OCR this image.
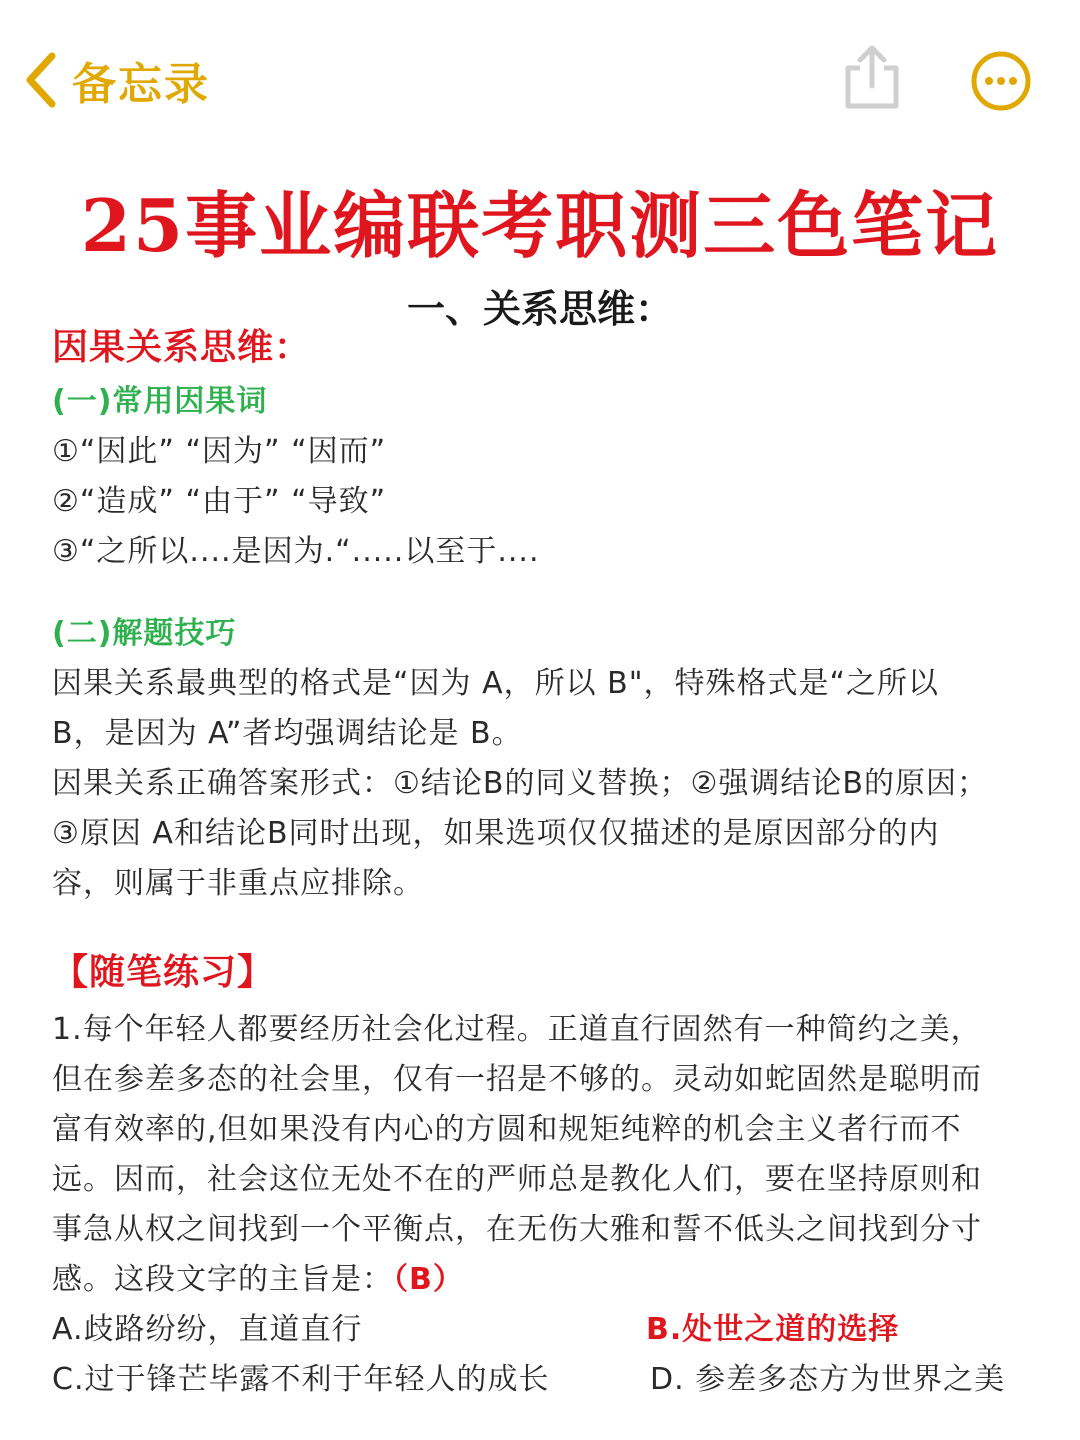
备忘录
25事业编联考职测三色笔记
一、关系思维：
因果关系思维：
(一)常用因果词
①“因此” “因为” “因而”
②“造成” “由于” “导致”
③“之所以....是因为.“.....以至于....
(二)解题技巧
因果关系最典型的格式是“因为 A，所以 B"，特殊格式是“之所以
B，是因为 A”者均强调结论是 B。
因果关系正确答案形式：①结论B的同义替换；②强调结论B的原因；
③原因 A和结论B同时出现，如果选项仅仅描述的是原因部分的内
容，则属于非重点应排除。
【随笔练习】
1.每个年轻人都要经历社会化过程。正道直行固然有一种简约之美，
但在参差多态的社会里，仅有一招是不够的。灵动如蛇固然是聪明而
富有效率的,但如果没有内心的方圆和规矩纯粹的机会主义者行而不
远。因而，社会这位无处不在的严师总是教化人们，要在坚持原则和
事急从权之间找到一个平衡点，在无伤大雅和誓不低头之间找到分寸
感。这段文字的主旨是：（B）
A.歧路纷纷，直道直行	B.处世之道的选择
C.过于锋芒毕露不利于年轻人的成长	D. 参差多态方为世界之美
